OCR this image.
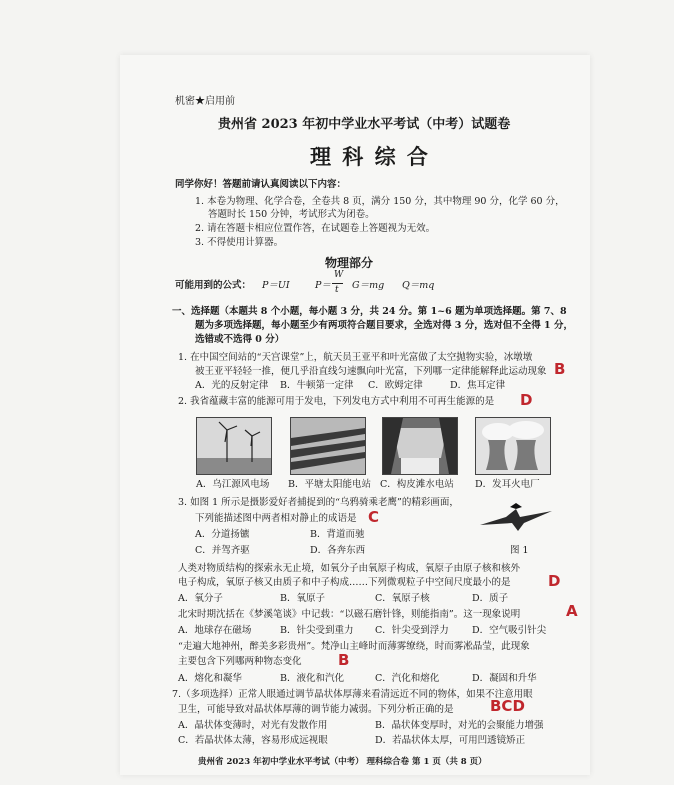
机密★启用前
贵州省 2023 年初中学业水平考试（中考）试题卷
理 科 综 合
同学你好！答题前请认真阅读以下内容：
1. 本卷为物理、化学合卷，全卷共 8 页，满分 150 分，其中物理 90 分，化学 60 分，
答题时长 150 分钟，考试形式为闭卷。
2. 请在答题卡相应位置作答，在试题卷上答题视为无效。
3. 不得使用计算器。
物理部分
可能用到的公式： P＝UI	P＝
W
t G＝mg Q＝mq
一、选择题（本题共 8 个小题，每小题 3 分，共 24 分。第 1~6 题为单项选择题。第 7、8
题为多项选择题，每小题至少有两项符合题目要求，全选对得 3 分，选对但不全得 1 分，
选错或不选得 0 分）
1. 在中国空间站的“天宫课堂”上，航天员王亚平和叶光富做了太空抛物实验，冰墩墩
被王亚平轻轻一推，便几乎沿直线匀速飘向叶光富，下列哪一定律能解释此运动现象 B
A．光的反射定律 B．牛顿第一定律 C．欧姆定律	D．焦耳定律
2. 我省蕴藏丰富的能源可用于发电，下列发电方式中利用不可再生能源的是 D
A．乌江源风电场 B．平塘太阳能电站 C．构皮滩水电站 D．发耳火电厂
3. 如图 1 所示是摄影爱好者捕捉到的“乌鸦骑乘老鹰”的精彩画面，
下列能描述图中两者相对静止的成语是 C
A．分道扬镳	B．背道而驰
C．并驾齐驱	D．各奔东西	图 1
人类对物质结构的探索永无止境，如氧分子由氧原子构成，氧原子由原子核和核外
电子构成，氧原子核又由质子和中子构成……下列微观粒子中空间尺度最小的是 D
A．氧分子	B．氧原子	C．氧原子核	D．质子
北宋时期沈括在《梦溪笔谈》中记载：“以磁石磨针锋，则能指南”。这一现象说明	A
A．地球存在磁场	B．针尖受到重力 C．针尖受到浮力 D．空气吸引针尖
“走遍大地神州，醉美多彩贵州”。梵净山主峰时而薄雾缭绕，时而雾凇晶莹，此现象
主要包含下列哪两种物态变化 B
A．熔化和凝华	B．液化和汽化	C．汽化和熔化	D．凝固和升华
7.（多项选择）正常人眼通过调节晶状体厚薄来看清远近不同的物体，如果不注意用眼
卫生，可能导致对晶状体厚薄的调节能力减弱。下列分析正确的是 BCD
A．晶状体变薄时，对光有发散作用	B．晶状体变厚时，对光的会聚能力增强
C．若晶状体太薄，容易形成远视眼	D．若晶状体太厚，可用凹透镜矫正
贵州省 2023 年初中学业水平考试（中考） 理科综合卷 第 1 页（共 8 页）
